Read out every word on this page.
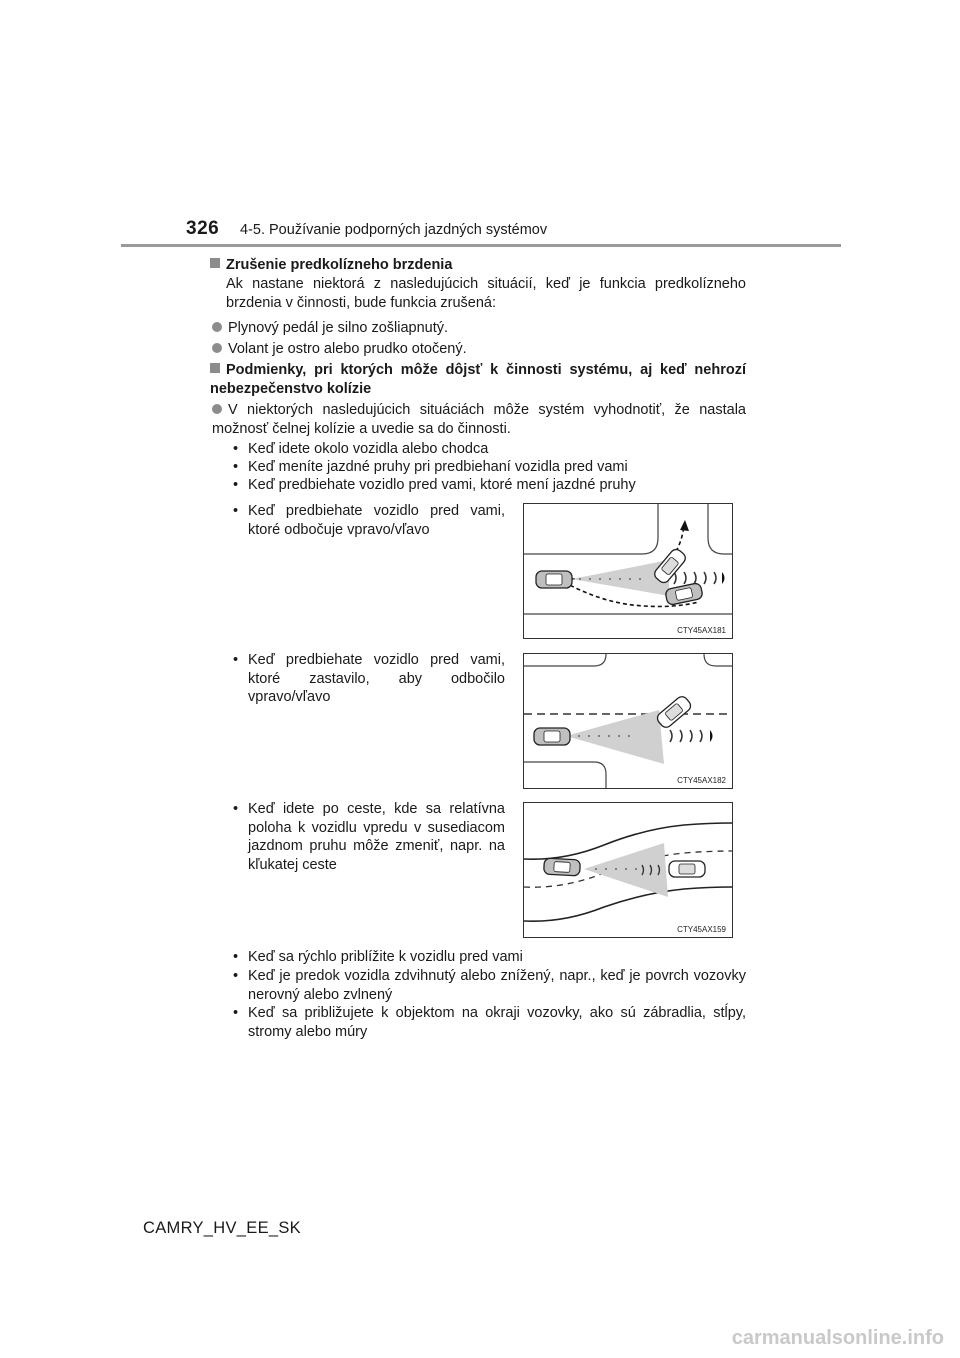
326 4-5. Používanie podporných jazdných systémov
Zrušenie predkolízneho brzdenia
Ak nastane niektorá z nasledujúcich situácií, keď je funkcia predkolízneho brzdenia v činnosti, bude funkcia zrušená:
Plynový pedál je silno zošliapnutý.
Volant je ostro alebo prudko otočený.
Podmienky, pri ktorých môže dôjsť k činnosti systému, aj keď nehrozí nebezpečenstvo kolízie
V niektorých nasledujúcich situáciách môže systém vyhodnotiť, že nastala možnosť čelnej kolízie a uvedie sa do činnosti.
• Keď idete okolo vozidla alebo chodca
• Keď meníte jazdné pruhy pri predbiehaní vozidla pred vami
• Keď predbiehate vozidlo pred vami, ktoré mení jazdné pruhy
• Keď predbiehate vozidlo pred vami, ktoré odbočuje vpravo/vľavo
• Keď predbiehate vozidlo pred vami, ktoré zastavilo, aby odbočilo vpravo/vľavo
• Keď idete po ceste, kde sa relatívna poloha k vozidlu vpredu v susediacom jazdnom pruhu môže zmeniť, napr. na kľukatej ceste
CTY45AX181
CTY45AX182
CTY45AX159
• Keď sa rýchlo priblížite k vozidlu pred vami
• Keď je predok vozidla zdvihnutý alebo znížený, napr., keď je povrch vozovky nerovný alebo zvlnený
• Keď sa približujete k objektom na okraji vozovky, ako sú zábradlia, stĺpy, stromy alebo múry
CAMRY_HV_EE_SK
carmanualsonline.info
